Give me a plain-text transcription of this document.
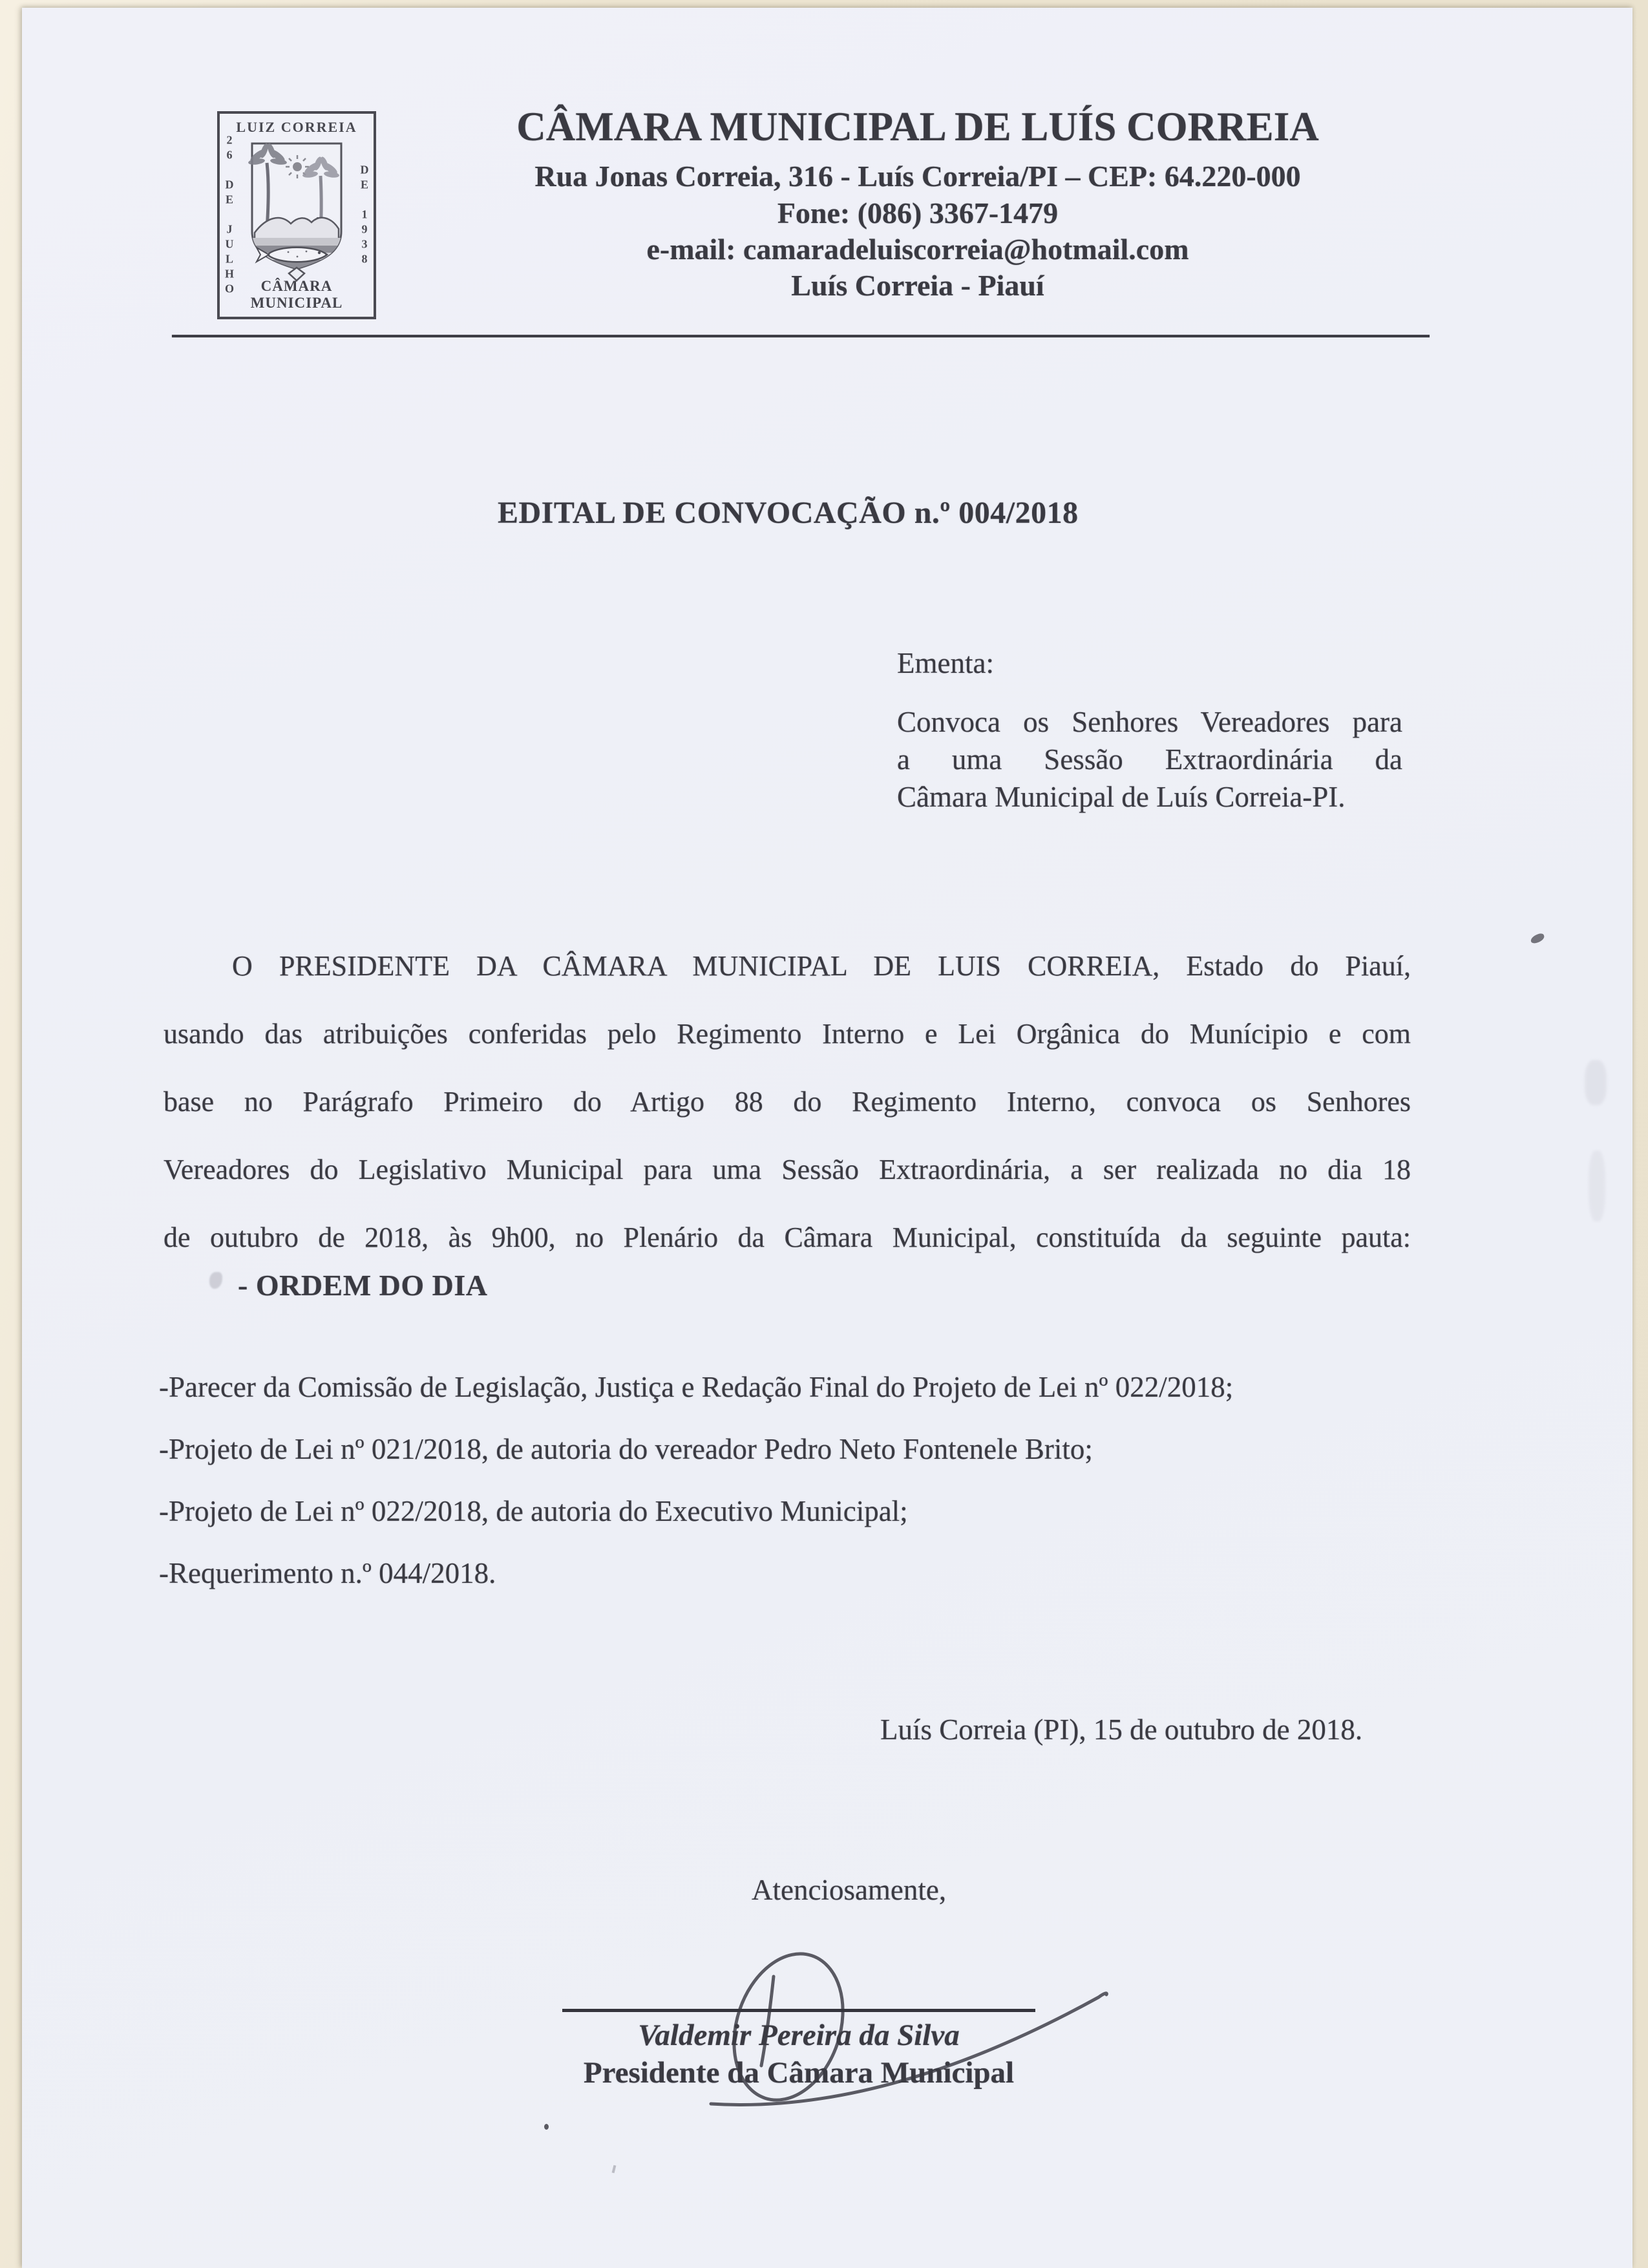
LUIZ CORREIA
26 DE JULHO	DE 1938
CÂMARA MUNICIPAL
CÂMARA MUNICIPAL DE LUÍS CORREIA
Rua Jonas Correia, 316 - Luís Correia/PI – CEP: 64.220-000
Fone: (086) 3367-1479
e-mail: camaradeluiscorreia@hotmail.com
Luís Correia - Piauí
EDITAL DE CONVOCAÇÃO n.º 004/2018
Ementa:
Convoca os Senhores Vereadores para
a uma Sessão Extraordinária da
Câmara Municipal de Luís Correia-PI.
O PRESIDENTE DA CÂMARA MUNICIPAL DE LUIS CORREIA, Estado do Piauí,
usando das atribuições conferidas pelo Regimento Interno e Lei Orgânica do Munícipio e com
base no Parágrafo Primeiro do Artigo 88 do Regimento Interno, convoca os Senhores
Vereadores do Legislativo Municipal para uma Sessão Extraordinária, a ser realizada no dia 18
de outubro de 2018, às 9h00, no Plenário da Câmara Municipal, constituída da seguinte pauta:
- ORDEM DO DIA
-Parecer da Comissão de Legislação, Justiça e Redação Final do Projeto de Lei nº 022/2018;
-Projeto de Lei nº 021/2018, de autoria do vereador Pedro Neto Fontenele Brito;
-Projeto de Lei nº 022/2018, de autoria do Executivo Municipal;
-Requerimento n.º 044/2018.
Luís Correia (PI), 15 de outubro de 2018.
Atenciosamente,
Valdemir Pereira da Silva
Presidente da Câmara Municipal
